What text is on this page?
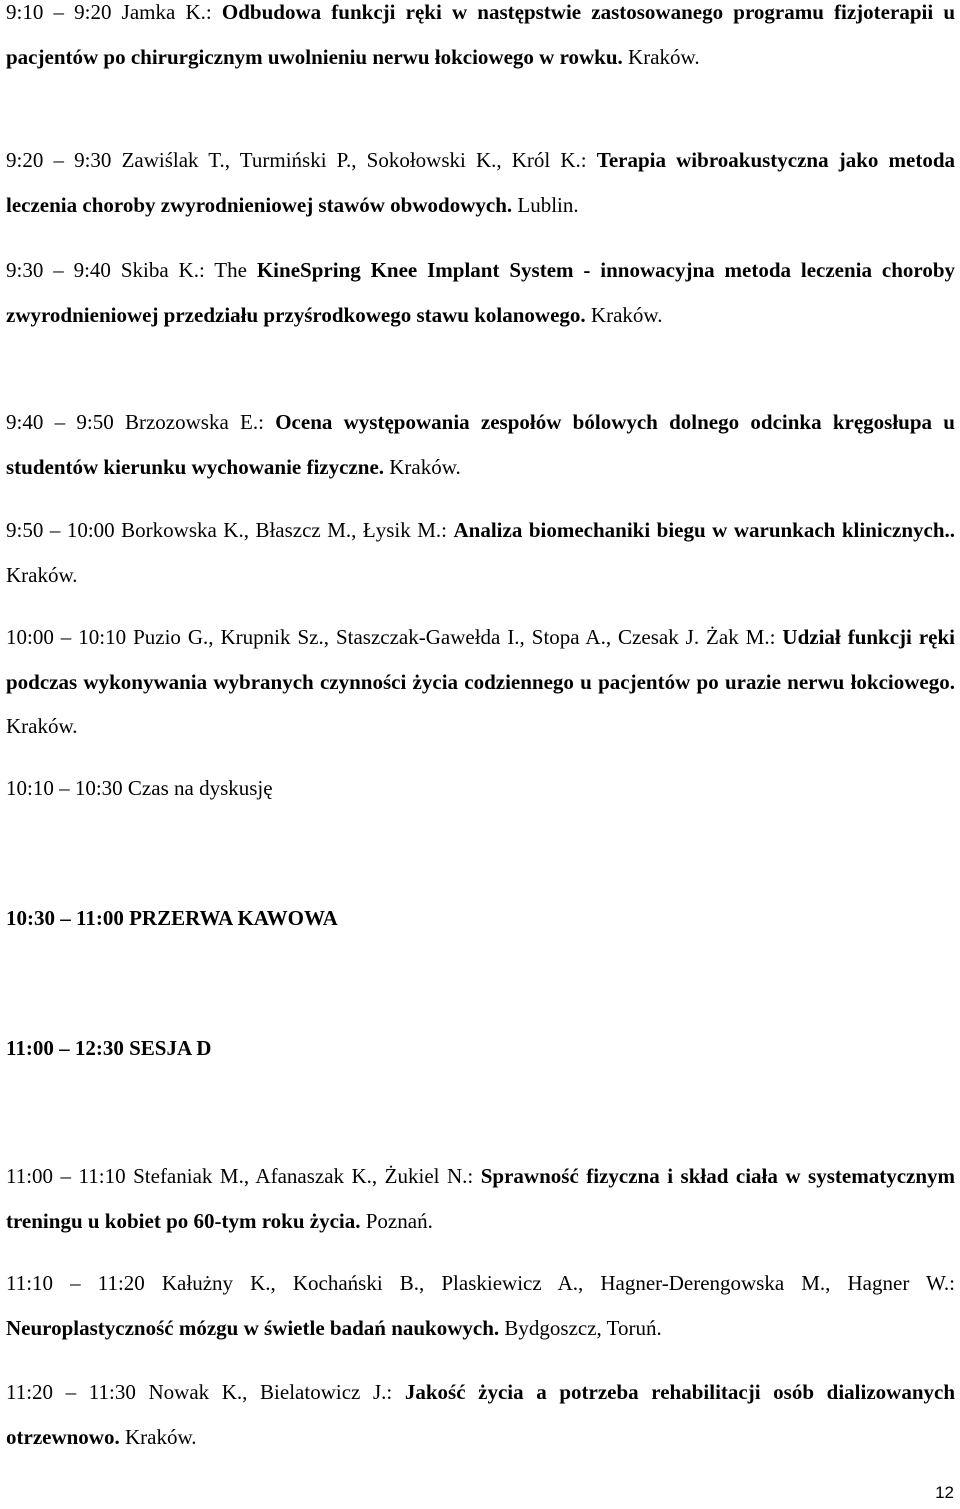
9:10 – 9:20 Jamka K.: Odbudowa funkcji ręki w następstwie zastosowanego programu fizjoterapii u pacjentów po chirurgicznym uwolnieniu nerwu łokciowego w rowku. Kraków.
9:20 – 9:30 Zawiślak T., Turmiński P., Sokołowski K., Król K.: Terapia wibroakustyczna jako metoda leczenia choroby zwyrodnieniowej stawów obwodowych. Lublin.
9:30 – 9:40 Skiba K.: The KineSpring Knee Implant System - innowacyjna metoda leczenia choroby zwyrodnieniowej przedziału przyśrodkowego stawu kolanowego. Kraków.
9:40 – 9:50 Brzozowska E.: Ocena występowania zespołów bólowych dolnego odcinka kręgosłupa u studentów kierunku wychowanie fizyczne. Kraków.
9:50 – 10:00 Borkowska K., Błaszcz M., Łysik M.: Analiza biomechaniki biegu w warunkach klinicznych.. Kraków.
10:00 – 10:10 Puzio G., Krupnik Sz., Staszczak-Gawełda I., Stopa A., Czesak J. Żak M.: Udział funkcji ręki podczas wykonywania wybranych czynności życia codziennego u pacjentów po urazie nerwu łokciowego. Kraków.
10:10 – 10:30 Czas na dyskusję
10:30 – 11:00 PRZERWA KAWOWA
11:00 – 12:30 SESJA D
11:00 – 11:10 Stefaniak M., Afanaszak K., Żukiel N.: Sprawność fizyczna i skład ciała w systematycznym treningu u kobiet po 60-tym roku życia. Poznań.
11:10 – 11:20 Kałużny K., Kochański B., Plaskiewicz A., Hagner-Derengowska M., Hagner W.: Neuroplastyczność mózgu w świetle badań naukowych. Bydgoszcz, Toruń.
11:20 – 11:30 Nowak K., Bielatowicz J.: Jakość życia a potrzeba rehabilitacji osób dializowanych otrzewnowo. Kraków.
12
